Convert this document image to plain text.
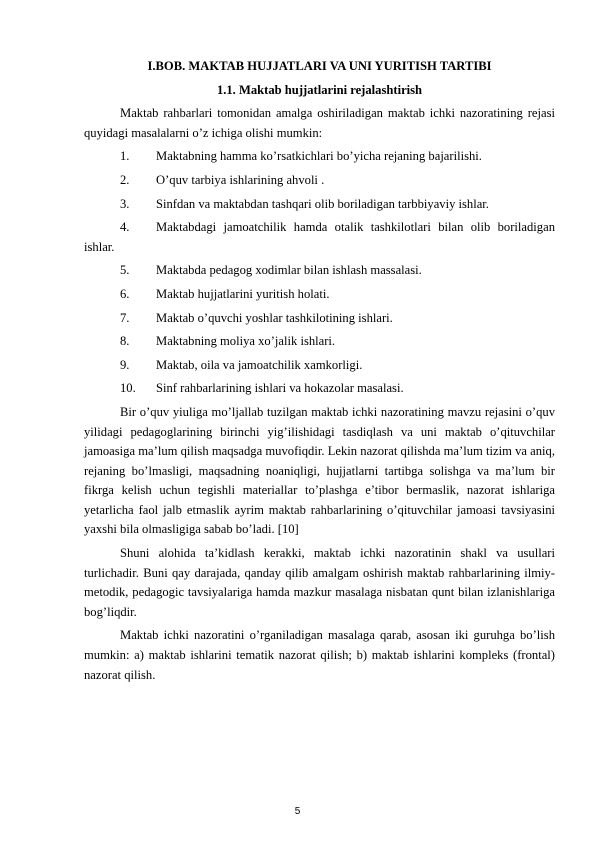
I.BOB. MAKTAB HUJJATLARI VA UNI YURITISH TARTIBI
1.1. Maktab hujjatlarini rejalashtirish

Maktab rahbarlari tomonidan amalga oshiriladigan maktab ichki nazoratining rejasi quyidagi masalalarni o’z ichiga olishi mumkin:

1.	Maktabning hamma ko’rsatkichlari bo’yicha rejaning bajarilishi.
2.	O’quv tarbiya ishlarining ahvoli .
3.	Sinfdan va maktabdan tashqari olib boriladigan tarbbiyaviy ishlar.
4.	Maktabdagi jamoatchilik hamda otalik tashkilotlari bilan olib boriladigan ishlar.
5.	Maktabda pedagog xodimlar bilan ishlash massalasi.
6.	Maktab hujjatlarini yuritish holati.
7.	Maktab o’quvchi yoshlar tashkilotining ishlari.
8.	Maktabning moliya xo’jalik ishlari.
9.	Maktab, oila va jamoatchilik xamkorligi.
10.	Sinf rahbarlarining ishlari va hokazolar masalasi.

Bir o’quv yiuliga mo’ljallab tuzilgan maktab ichki nazoratining mavzu rejasini o’quv yilidagi pedagoglarining birinchi yig’ilishidagi tasdiqlash va uni maktab o’qituvchilar jamoasiga ma’lum qilish maqsadga muvofiqdir. Lekin nazorat qilishda ma’lum tizim va aniq, rejaning bo’lmasligi, maqsadning noaniqligi, hujjatlarni tartibga solishga va ma’lum bir fikrga kelish uchun tegishli materiallar to’plashga e’tibor bermaslik, nazorat ishlariga yetarlicha faol jalb etmaslik ayrim maktab rahbarlarining o’qituvchilar jamoasi tavsiyasini yaxshi bila olmasligiga sabab bo’ladi. [10]

Shuni alohida ta’kidlash kerakki, maktab ichki nazoratinin shakl va usullari turlichadir. Buni qay darajada, qanday qilib amalgam oshirish maktab rahbarlarining ilmiy-metodik, pedagogic tavsiyalariga hamda mazkur masalaga nisbatan qunt bilan izlanishlariga bog’liqdir.

Maktab ichki nazoratini o’rganiladigan masalaga qarab, asosan iki guruhga bo’lish mumkin: a) maktab ishlarini tematik nazorat qilish; b) maktab ishlarini kompleks (frontal) nazorat qilish.

5
